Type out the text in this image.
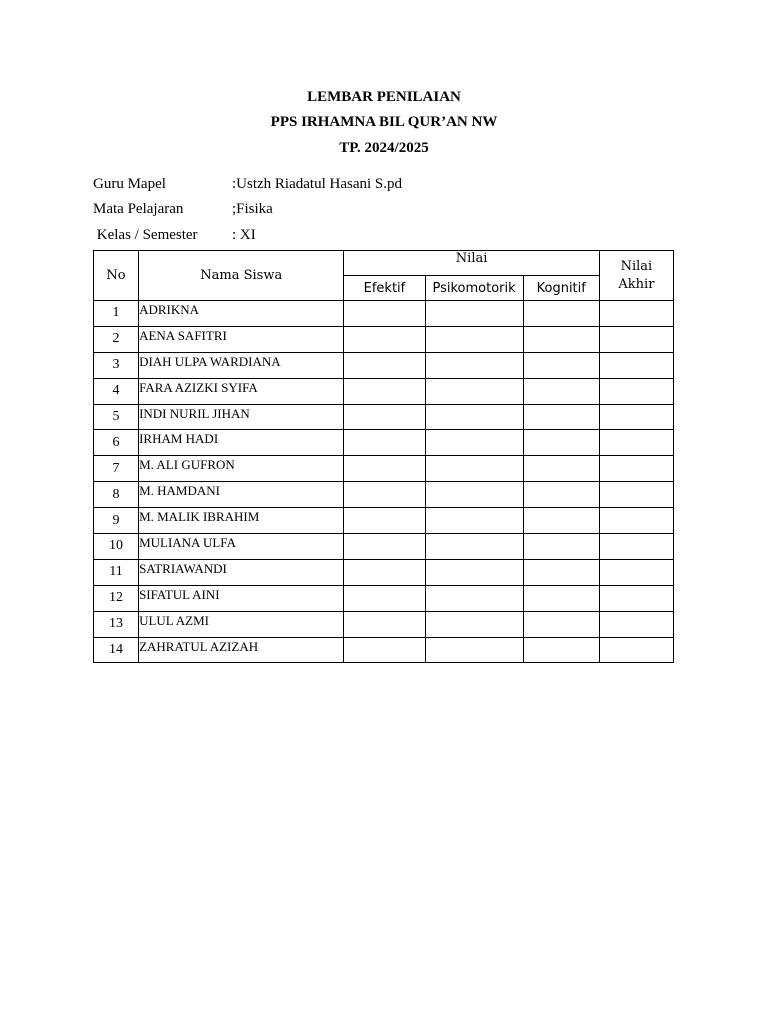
LEMBAR PENILAIAN
PPS IRHAMNA BIL QUR’AN NW
TP. 2024/2025
Guru Mapel	:Ustzh Riadatul Hasani S.pd
Mata Pelajaran	;Fisika
Kelas / Semester : XI
No	Nama Siswa	Nilai			Nilai
Akhir
		Efektif	Psikomotorik	Kognitif	
1	ADRIKNA				
2	AENA SAFITRI				
3	DIAH ULPA WARDIANA				
4	FARA AZIZKI SYIFA				
5	INDI NURIL JIHAN				
6	IRHAM HADI				
7	M. ALI GUFRON				
8	M. HAMDANI				
9	M. MALIK IBRAHIM				
10	MULIANA ULFA				
11	SATRIAWANDI				
12	SIFATUL AINI				
13	ULUL AZMI				
14	ZAHRATUL AZIZAH				
